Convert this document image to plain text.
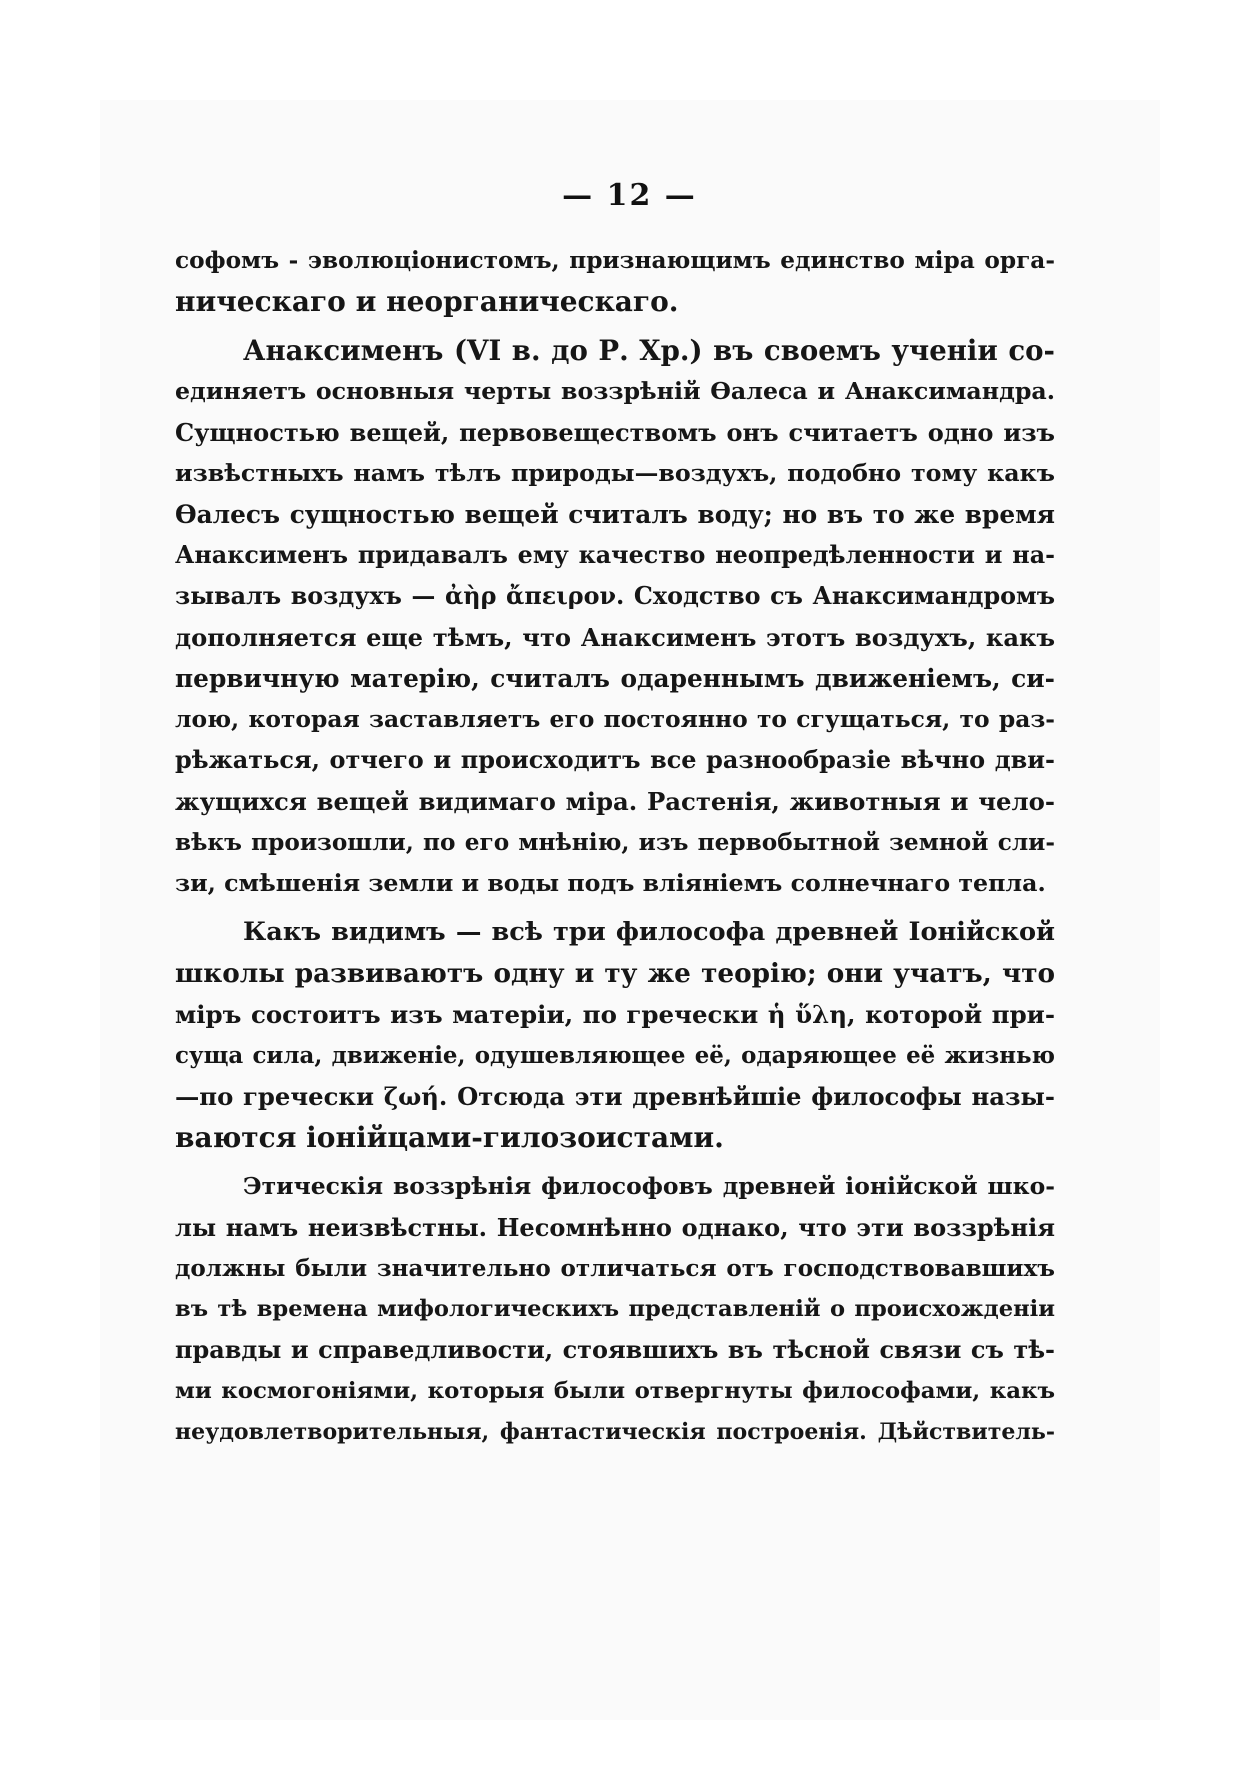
— 12 —
софомъ - эволюціонистомъ, признающимъ единство міра орга-
ническаго и неорганическаго.
Анаксименъ (VI в. до Р. Хр.) въ своемъ ученіи со-
единяетъ основныя черты воззрѣній Өалеса и Анаксимандра.
Сущностью вещей, первовеществомъ онъ считаетъ одно изъ
извѣстныхъ намъ тѣлъ природы—воздухъ, подобно тому какъ
Өалесъ сущностью вещей считалъ воду; но въ то же время
Анаксименъ придавалъ ему качество неопредѣленности и на-
зывалъ воздухъ — ἀὴρ ἄπειρον. Сходство съ Анаксимандромъ
дополняется еще тѣмъ, что Анаксименъ этотъ воздухъ, какъ
первичную матерію, считалъ одареннымъ движеніемъ, си-
лою, которая заставляетъ его постоянно то сгущаться, то раз-
рѣжаться, отчего и происходитъ все разнообразіе вѣчно дви-
жущихся вещей видимаго міра. Растенія, животныя и чело-
вѣкъ произошли, по его мнѣнію, изъ первобытной земной сли-
зи, смѣшенія земли и воды подъ вліяніемъ солнечнаго тепла.
Какъ видимъ — всѣ три философа древней Іонійской
школы развиваютъ одну и ту же теорію; они учатъ, что
міръ состоитъ изъ матеріи, по гречески ἡ ὕλη, которой при-
суща сила, движеніе, одушевляющее её, одаряющее её жизнью
—по гречески ζωή. Отсюда эти древнѣйшіе философы назы-
ваются іонійцами-гилозоистами.
Этическія воззрѣнія философовъ древней іонійской шко-
лы намъ неизвѣстны. Несомнѣнно однако, что эти воззрѣнія
должны были значительно отличаться отъ господствовавшихъ
въ тѣ времена мифологическихъ представленій о происхожденіи
правды и справедливости, стоявшихъ въ тѣсной связи съ тѣ-
ми космогоніями, которыя были отвергнуты философами, какъ
неудовлетворительныя, фантастическія построенія. Дѣйствитель-
